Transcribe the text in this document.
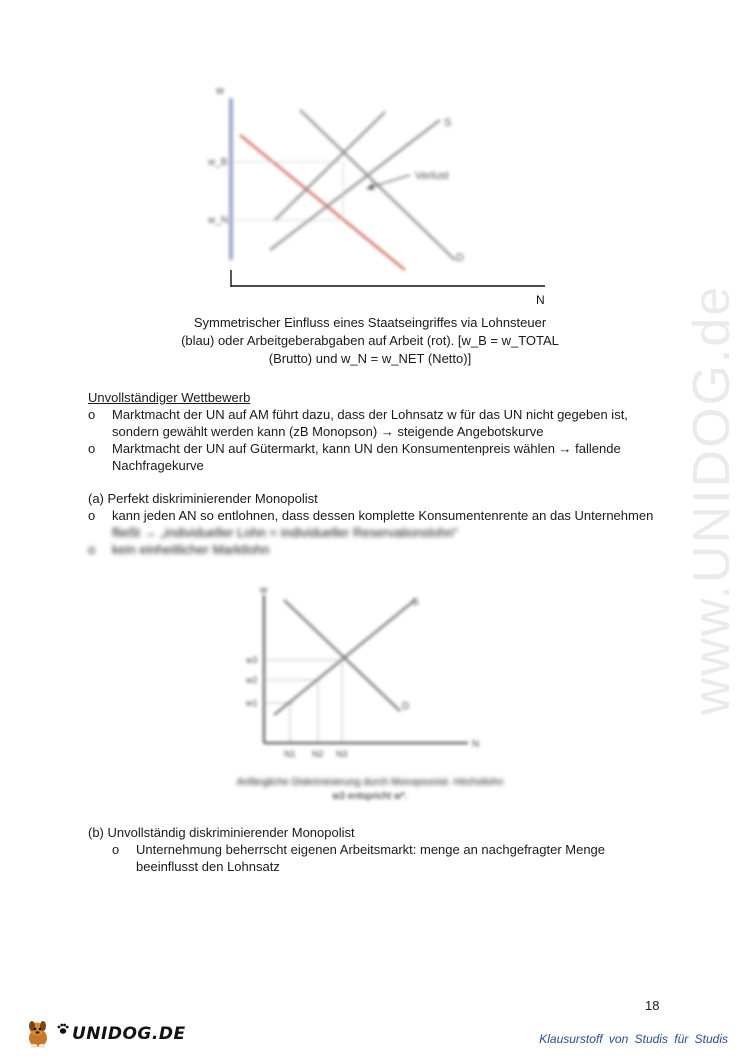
www.UNIDOG.de
Verlust
w
w_B
w_N
S
D
N
Symmetrischer Einfluss eines Staatseingriffes via Lohnsteuer
(blau) oder Arbeitgeberabgaben auf Arbeit (rot). [w_B = w_TOTAL
(Brutto) und w_N = w_NET (Netto)]
Unvollständiger Wettbewerb
o Marktmacht der UN auf AM führt dazu, dass der Lohnsatz w für das UN nicht gegeben ist,
sondern gewählt werden kann (zB Monopson) → steigende Angebotskurve
o Marktmacht der UN auf Gütermarkt, kann UN den Konsumentenpreis wählen → fallende
Nachfragekurve
(a) Perfekt diskriminierender Monopolist
o kann jeden AN so entlohnen, dass dessen komplette Konsumentenrente an das Unternehmen
fließt → „individueller Lohn = individueller Reservationslohn“
o kein einheitlicher Marktlohn
w
w3
w2
w1
N1 N2 N3
N
S
D
Anfängliche Diskriminierung durch Monopsonist. Höchstlohn
w3 entspricht w*.
(b) Unvollständig diskriminierender Monopolist
o Unternehmung beherrscht eigenen Arbeitsmarkt: menge an nachgefragter Menge
beeinflusst den Lohnsatz
18
UNIDOG.DE	Klausurstoff von Studis für Studis
